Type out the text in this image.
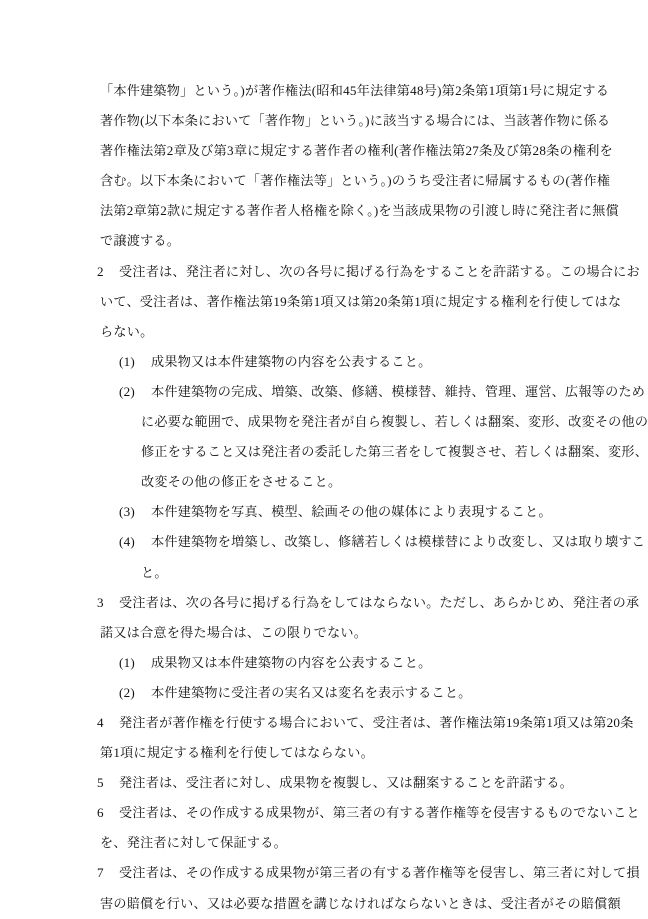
「本件建築物」という。)が著作権法(昭和45年法律第48号)第2条第1項第1号に規定する
著作物(以下本条において「著作物」という。)に該当する場合には、当該著作物に係る
著作権法第2章及び第3章に規定する著作者の権利(著作権法第27条及び第28条の権利を
含む。以下本条において「著作権法等」という。)のうち受注者に帰属するもの(著作権
法第2章第2款に規定する著作者人格権を除く。)を当該成果物の引渡し時に発注者に無償
で譲渡する。
2 受注者は、発注者に対し、次の各号に掲げる行為をすることを許諾する。この場合にお
いて、受注者は、著作権法第19条第1項又は第20条第1項に規定する権利を行使してはな
らない。
(1) 成果物又は本件建築物の内容を公表すること。
(2) 本件建築物の完成、増築、改築、修繕、模様替、維持、管理、運営、広報等のため
に必要な範囲で、成果物を発注者が自ら複製し、若しくは翻案、変形、改変その他の
修正をすること又は発注者の委託した第三者をして複製させ、若しくは翻案、変形、
改変その他の修正をさせること。
(3) 本件建築物を写真、模型、絵画その他の媒体により表現すること。
(4) 本件建築物を増築し、改築し、修繕若しくは模様替により改変し、又は取り壊すこ
と。
3 受注者は、次の各号に掲げる行為をしてはならない。ただし、あらかじめ、発注者の承
諾又は合意を得た場合は、この限りでない。
(1) 成果物又は本件建築物の内容を公表すること。
(2) 本件建築物に受注者の実名又は変名を表示すること。
4 発注者が著作権を行使する場合において、受注者は、著作権法第19条第1項又は第20条
第1項に規定する権利を行使してはならない。
5 発注者は、受注者に対し、成果物を複製し、又は翻案することを許諾する。
6 受注者は、その作成する成果物が、第三者の有する著作権等を侵害するものでないこと
を、発注者に対して保証する。
7 受注者は、その作成する成果物が第三者の有する著作権等を侵害し、第三者に対して損
害の賠償を行い、又は必要な措置を講じなければならないときは、受注者がその賠償額
